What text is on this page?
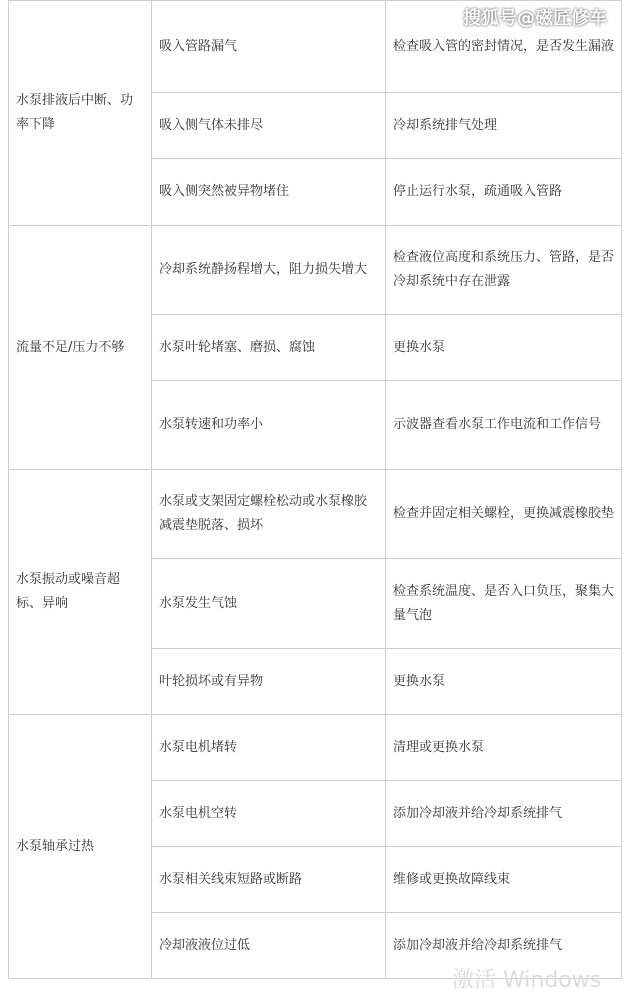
水泵排液后中断、功率下降	吸入管路漏气	检查吸入管的密封情况，是否发生漏液
	吸入侧气体未排尽	冷却系统排气处理
	吸入侧突然被异物堵住	停止运行水泵，疏通吸入管路
流量不足/压力不够	冷却系统静扬程增大，阻力损失增大	检查液位高度和系统压力、管路，是否冷却系统中存在泄露
	水泵叶轮堵塞、磨损、腐蚀	更换水泵
	水泵转速和功率小	示波器查看水泵工作电流和工作信号
水泵振动或噪音超标、异响	水泵或支架固定螺栓松动或水泵橡胶减震垫脱落、损坏	检查并固定相关螺栓，更换减震橡胶垫
	水泵发生气蚀	检查系统温度、是否入口负压，聚集大量气泡
	叶轮损坏或有异物	更换水泵
水泵轴承过热	水泵电机堵转	清理或更换水泵
	水泵电机空转	添加冷却液并给冷却系统排气
	水泵相关线束短路或断路	维修或更换故障线束
	冷却液液位过低	添加冷却液并给冷却系统排气
搜狐号@磁匠修车
激活 Windows
